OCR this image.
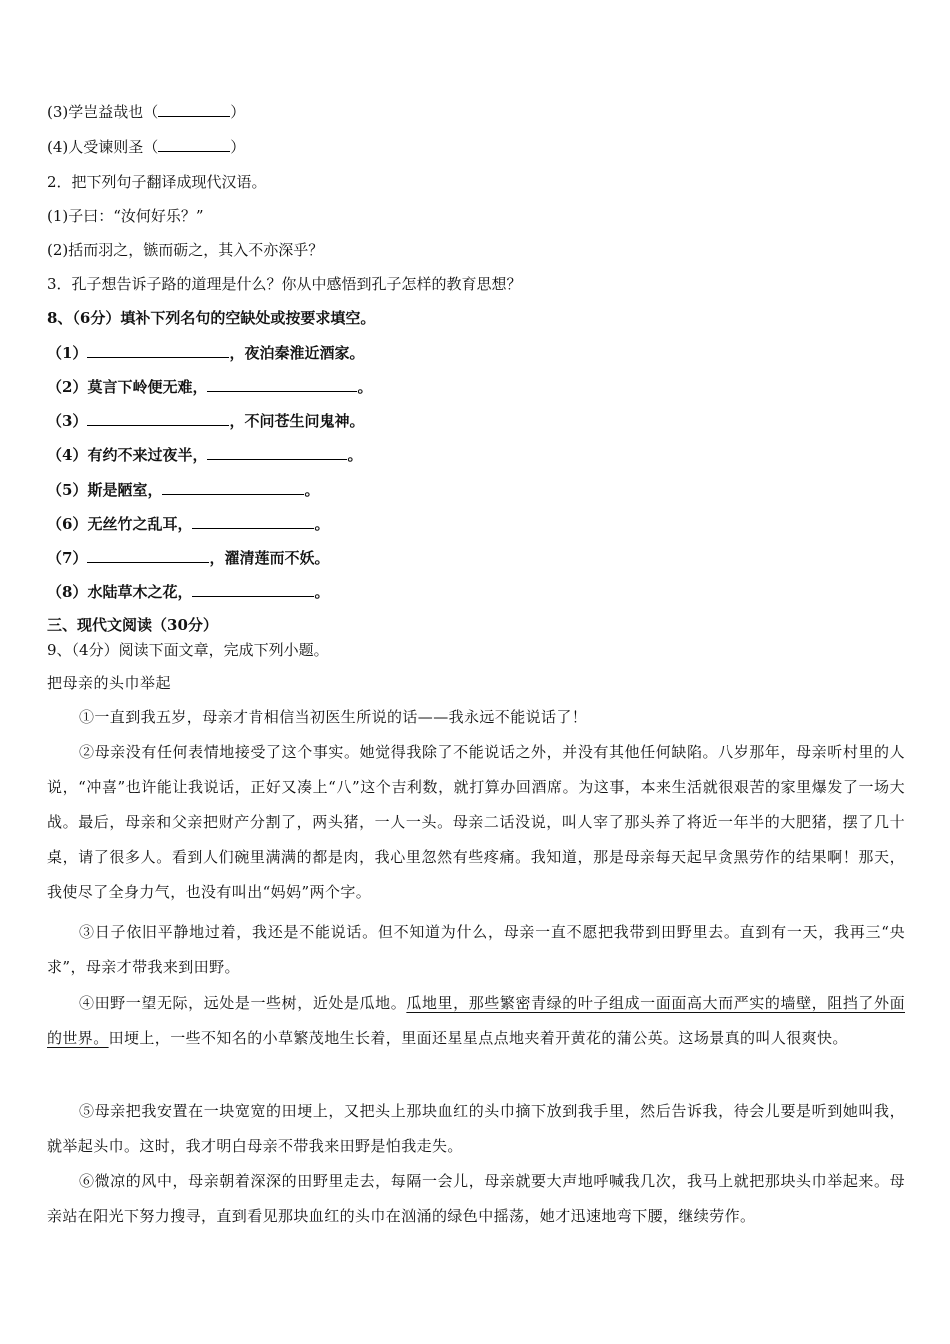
(3)学岂益哉也（	）
(4)人受谏则圣（	）
2．把下列句子翻译成现代汉语。
(1)子曰：“汝何好乐？”
(2)括而羽之，镞而砺之，其入不亦深乎？
3．孔子想告诉子路的道理是什么？你从中感悟到孔子怎样的教育思想？
8、（6分）填补下列名句的空缺处或按要求填空。
（1）	，夜泊秦淮近酒家。
（2）莫言下岭便无难，	。
（3）	，不问苍生问鬼神。
（4）有约不来过夜半，	。
（5）斯是陋室，	。
（6）无丝竹之乱耳，	。
（7）	，濯清莲而不妖。
（8）水陆草木之花，	。
三、现代文阅读（30分）
9、（4分）阅读下面文章，完成下列小题。
把母亲的头巾举起
①一直到我五岁，母亲才肯相信当初医生所说的话——我永远不能说话了！
②母亲没有任何表情地接受了这个事实。她觉得我除了不能说话之外，并没有其他任何缺陷。八岁那年，母亲听村里的人说，“冲喜”也许能让我说话，正好又凑上“八”这个吉利数，就打算办回酒席。为这事，本来生活就很艰苦的家里爆发了一场大战。最后，母亲和父亲把财产分割了，两头猪，一人一头。母亲二话没说，叫人宰了那头养了将近一年半的大肥猪，摆了几十桌，请了很多人。看到人们碗里满满的都是肉，我心里忽然有些疼痛。我知道，那是母亲每天起早贪黑劳作的结果啊！那天，我使尽了全身力气，也没有叫出“妈妈”两个字。
③日子依旧平静地过着，我还是不能说话。但不知道为什么，母亲一直不愿把我带到田野里去。直到有一天，我再三“央求”，母亲才带我来到田野。
④田野一望无际，远处是一些树，近处是瓜地。瓜地里，那些繁密青绿的叶子组成一面面高大而严实的墙壁，阻挡了外面的世界。田埂上，一些不知名的小草繁茂地生长着，里面还星星点点地夹着开黄花的蒲公英。这场景真的叫人很爽快。
⑤母亲把我安置在一块宽宽的田埂上，又把头上那块血红的头巾摘下放到我手里，然后告诉我，待会儿要是听到她叫我，就举起头巾。这时，我才明白母亲不带我来田野是怕我走失。
⑥微凉的风中，母亲朝着深深的田野里走去，每隔一会儿，母亲就要大声地呼喊我几次，我马上就把那块头巾举起来。母亲站在阳光下努力搜寻，直到看见那块血红的头巾在汹涌的绿色中摇荡，她才迅速地弯下腰，继续劳作。
